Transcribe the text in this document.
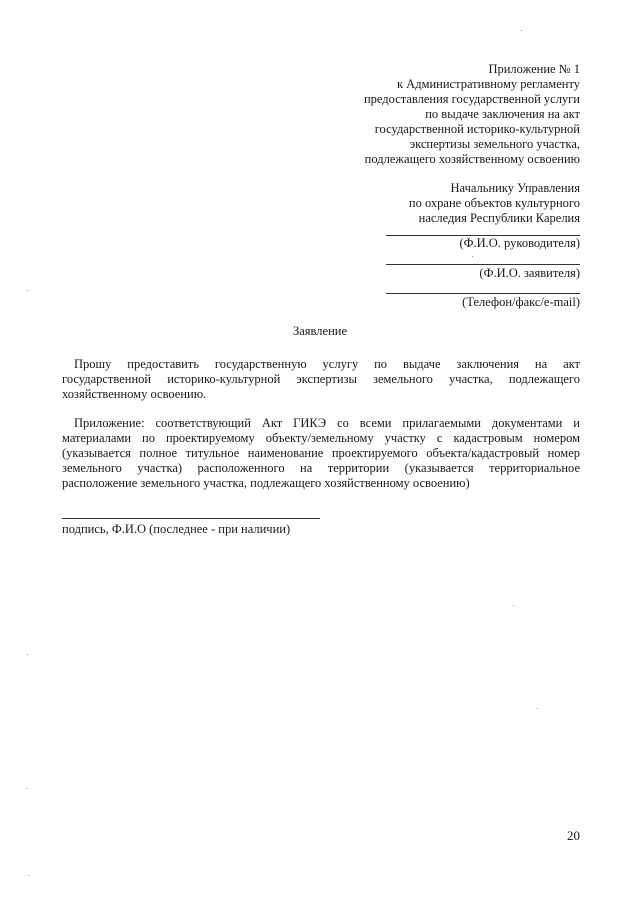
Приложение № 1
к Административному регламенту
предоставления государственной услуги
по выдаче заключения на акт
государственной историко-культурной
экспертизы земельного участка,
подлежащего хозяйственному освоению
Начальнику Управления
по охране объектов культурного
наследия Республики Карелия
(Ф.И.О. руководителя)
(Ф.И.О. заявителя)
(Телефон/факс/e-mail)
Заявление
Прошу предоставить государственную услугу по выдаче заключения на акт
государственной историко-культурной экспертизы земельного участка, подлежащего
хозяйственному освоению.
Приложение: соответствующий Акт ГИКЭ со всеми прилагаемыми документами и
материалами по проектируемому объекту/земельному участку с кадастровым номером
(указывается полное титульное наименование проектируемого объекта/кадастровый номер
земельного участка) расположенного на территории (указывается территориальное
расположение земельного участка, подлежащего хозяйственному освоению)
подпись, Ф.И.О (последнее - при наличии)
20
